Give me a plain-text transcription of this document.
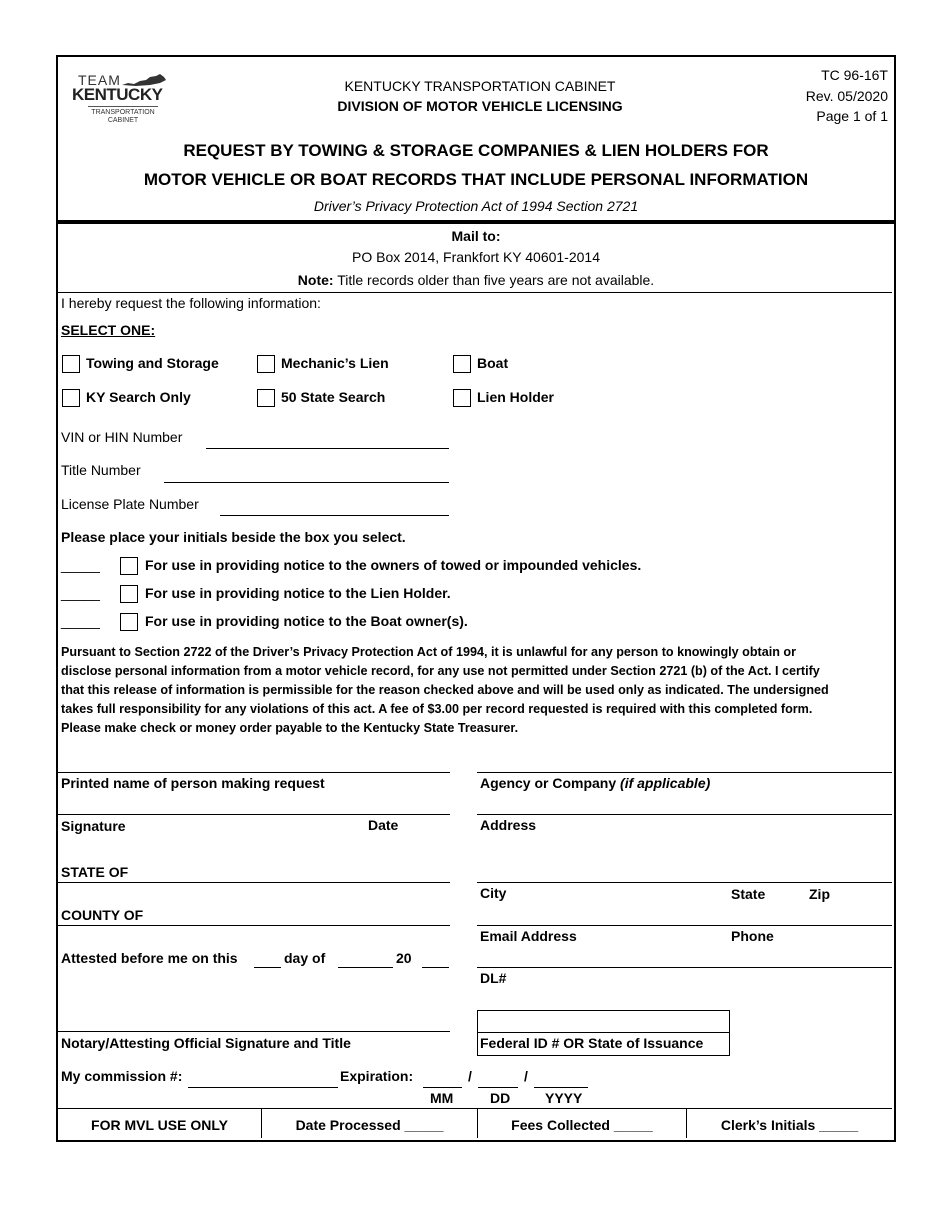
TEAM
KENTUCKY
TRANSPORTATION CABINET
KENTUCKY TRANSPORTATION CABINET
DIVISION OF MOTOR VEHICLE LICENSING
TC 96-16T
Rev. 05/2020
Page 1 of 1
REQUEST BY TOWING & STORAGE COMPANIES & LIEN HOLDERS FOR
MOTOR VEHICLE OR BOAT RECORDS THAT INCLUDE PERSONAL INFORMATION
Driver’s Privacy Protection Act of 1994 Section 2721
Mail to:
PO Box 2014, Frankfort KY 40601-2014
Note: Title records older than five years are not available.
I hereby request the following information:
SELECT ONE:
Towing and Storage	Mechanic’s Lien	Boat
KY Search Only	50 State Search	Lien Holder
VIN or HIN Number
Title Number
License Plate Number
Please place your initials beside the box you select.
_____	For use in providing notice to the owners of towed or impounded vehicles.
_____	For use in providing notice to the Lien Holder.
_____	For use in providing notice to the Boat owner(s).
Pursuant to Section 2722 of the Driver’s Privacy Protection Act of 1994, it is unlawful for any person to knowingly obtain or
disclose personal information from a motor vehicle record, for any use not permitted under Section 2721 (b) of the Act. I certify
that this release of information is permissible for the reason checked above and will be used only as indicated. The undersigned
takes full responsibility for any violations of this act. A fee of $3.00 per record requested is required with this completed form.
Please make check or money order payable to the Kentucky State Treasurer.
Printed name of person making request
Signature	Date
STATE OF
COUNTY OF
Attested before me on this	day of	20
Notary/Attesting Official Signature and Title
My commission #:	Expiration:	/	/
MM	DD YYYY
Agency or Company (if applicable)
Address
City	State	Zip
Email Address	Phone
DL#
Federal ID # OR State of Issuance
FOR MVL USE ONLY	Date Processed _____	Fees Collected _____	Clerk’s Initials _____
